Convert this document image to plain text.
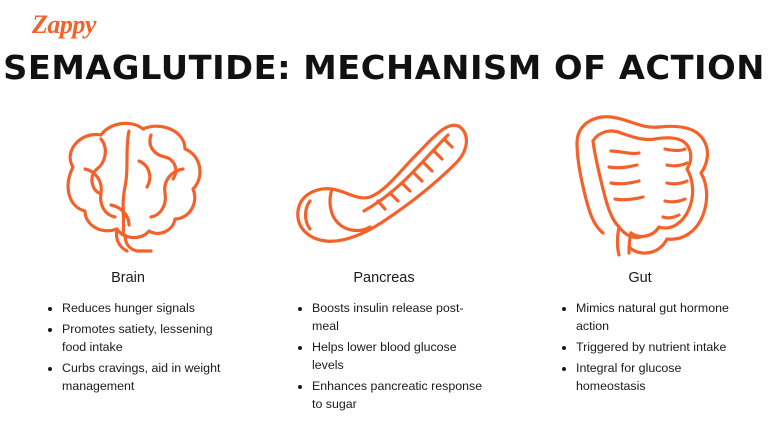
Zappy
SEMAGLUTIDE: MECHANISM OF ACTION
Brain
• Reduces hunger signals
• Promotes satiety, lessening food intake
• Curbs cravings, aid in weight management
Pancreas
• Boosts insulin release post-meal
• Helps lower blood glucose levels
• Enhances pancreatic response to sugar
Gut
• Mimics natural gut hormone action
• Triggered by nutrient intake
• Integral for glucose homeostasis
